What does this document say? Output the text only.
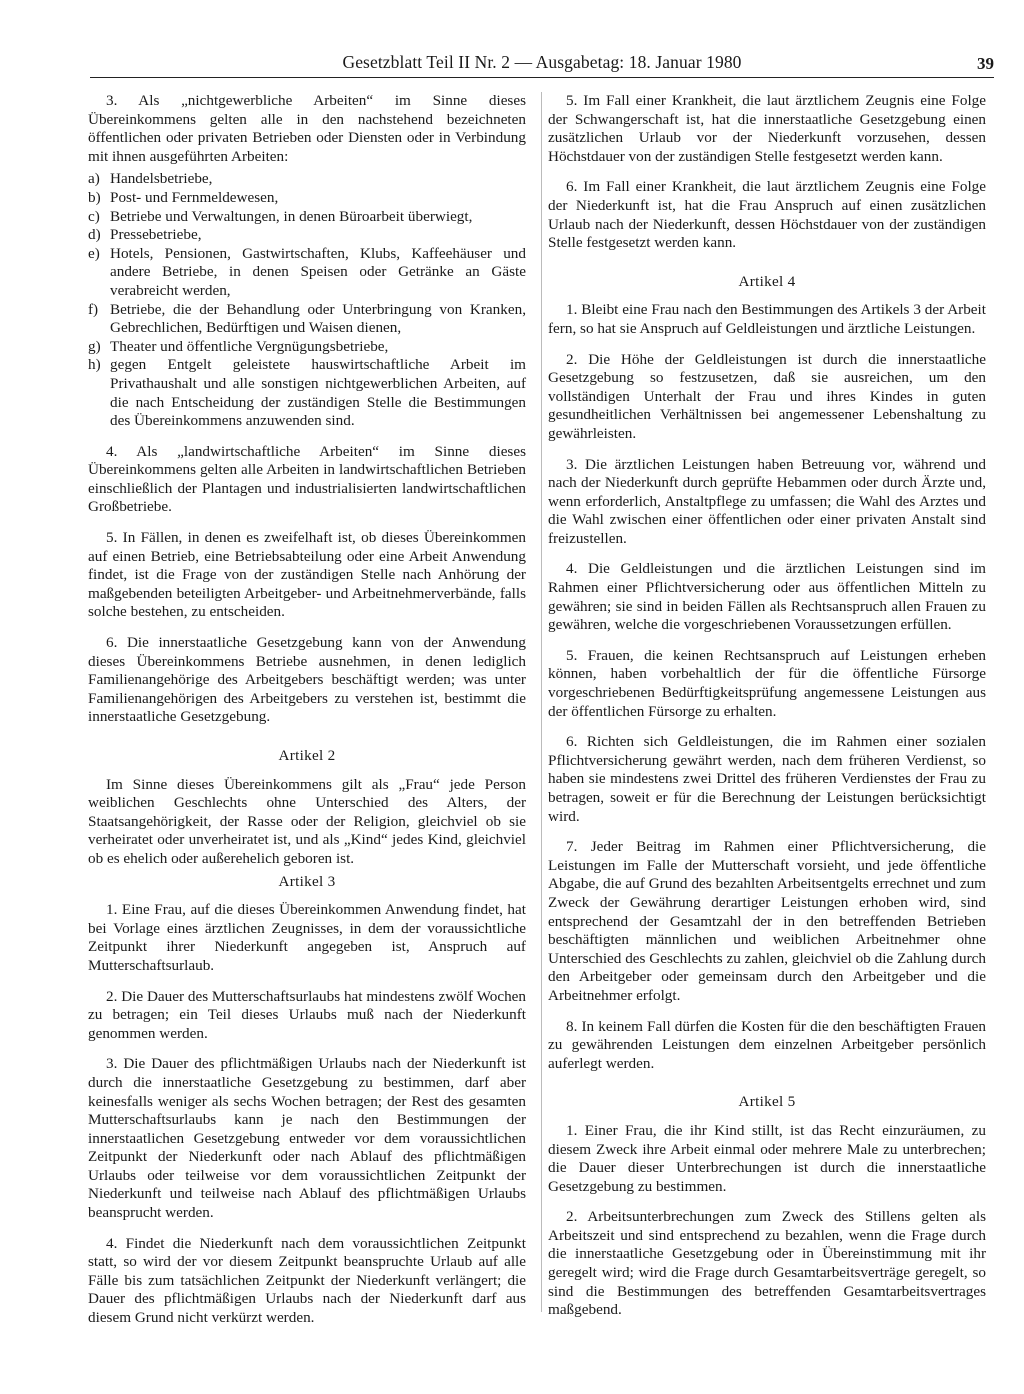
Gesetzblatt Teil II Nr. 2 — Ausgabetag: 18. Januar 1980	39

3. Als „nichtgewerbliche Arbeiten“ im Sinne dieses Übereinkommens gelten alle in den nachstehend bezeichneten öffentlichen oder privaten Betrieben oder Diensten oder in Verbindung mit ihnen ausgeführten Arbeiten:

a) Handelsbetriebe,
b) Post- und Fernmeldewesen,
c) Betriebe und Verwaltungen, in denen Büroarbeit überwiegt,
d) Pressebetriebe,
e) Hotels, Pensionen, Gastwirtschaften, Klubs, Kaffeehäuser und andere Betriebe, in denen Speisen oder Getränke an Gäste verabreicht werden,
f) Betriebe, die der Behandlung oder Unterbringung von Kranken, Gebrechlichen, Bedürftigen und Waisen dienen,
g) Theater und öffentliche Vergnügungsbetriebe,
h) gegen Entgelt geleistete hauswirtschaftliche Arbeit im Privathaushalt und alle sonstigen nichtgewerblichen Arbeiten, auf die nach Entscheidung der zuständigen Stelle die Bestimmungen des Übereinkommens anzuwenden sind.

4. Als „landwirtschaftliche Arbeiten“ im Sinne dieses Übereinkommens gelten alle Arbeiten in landwirtschaftlichen Betrieben einschließlich der Plantagen und industrialisierten landwirtschaftlichen Großbetriebe.

5. In Fällen, in denen es zweifelhaft ist, ob dieses Übereinkommen auf einen Betrieb, eine Betriebsabteilung oder eine Arbeit Anwendung findet, ist die Frage von der zuständigen Stelle nach Anhörung der maßgebenden beteiligten Arbeitgeber- und Arbeitnehmerverbände, falls solche bestehen, zu entscheiden.

6. Die innerstaatliche Gesetzgebung kann von der Anwendung dieses Übereinkommens Betriebe ausnehmen, in denen lediglich Familienangehörige des Arbeitgebers beschäftigt werden; was unter Familienangehörigen des Arbeitgebers zu verstehen ist, bestimmt die innerstaatliche Gesetzgebung.

Artikel 2

Im Sinne dieses Übereinkommens gilt als „Frau“ jede Person weiblichen Geschlechts ohne Unterschied des Alters, der Staatsangehörigkeit, der Rasse oder der Religion, gleichviel ob sie verheiratet oder unverheiratet ist, und als „Kind“ jedes Kind, gleichviel ob es ehelich oder außerehelich geboren ist.

Artikel 3

1. Eine Frau, auf die dieses Übereinkommen Anwendung findet, hat bei Vorlage eines ärztlichen Zeugnisses, in dem der voraussichtliche Zeitpunkt ihrer Niederkunft angegeben ist, Anspruch auf Mutterschaftsurlaub.

2. Die Dauer des Mutterschaftsurlaubs hat mindestens zwölf Wochen zu betragen; ein Teil dieses Urlaubs muß nach der Niederkunft genommen werden.

3. Die Dauer des pflichtmäßigen Urlaubs nach der Niederkunft ist durch die innerstaatliche Gesetzgebung zu bestimmen, darf aber keinesfalls weniger als sechs Wochen betragen; der Rest des gesamten Mutterschaftsurlaubs kann je nach den Bestimmungen der innerstaatlichen Gesetzgebung entweder vor dem voraussichtlichen Zeitpunkt der Niederkunft oder nach Ablauf des pflichtmäßigen Urlaubs oder teilweise vor dem voraussichtlichen Zeitpunkt der Niederkunft und teilweise nach Ablauf des pflichtmäßigen Urlaubs beansprucht werden.

4. Findet die Niederkunft nach dem voraussichtlichen Zeitpunkt statt, so wird der vor diesem Zeitpunkt beanspruchte Urlaub auf alle Fälle bis zum tatsächlichen Zeitpunkt der Niederkunft verlängert; die Dauer des pflichtmäßigen Urlaubs nach der Niederkunft darf aus diesem Grund nicht verkürzt werden.

5. Im Fall einer Krankheit, die laut ärztlichem Zeugnis eine Folge der Schwangerschaft ist, hat die innerstaatliche Gesetzgebung einen zusätzlichen Urlaub vor der Niederkunft vorzusehen, dessen Höchstdauer von der zuständigen Stelle festgesetzt werden kann.

6. Im Fall einer Krankheit, die laut ärztlichem Zeugnis eine Folge der Niederkunft ist, hat die Frau Anspruch auf einen zusätzlichen Urlaub nach der Niederkunft, dessen Höchstdauer von der zuständigen Stelle festgesetzt werden kann.

Artikel 4

1. Bleibt eine Frau nach den Bestimmungen des Artikels 3 der Arbeit fern, so hat sie Anspruch auf Geldleistungen und ärztliche Leistungen.

2. Die Höhe der Geldleistungen ist durch die innerstaatliche Gesetzgebung so festzusetzen, daß sie ausreichen, um den vollständigen Unterhalt der Frau und ihres Kindes in guten gesundheitlichen Verhältnissen bei angemessener Lebenshaltung zu gewährleisten.

3. Die ärztlichen Leistungen haben Betreuung vor, während und nach der Niederkunft durch geprüfte Hebammen oder durch Ärzte und, wenn erforderlich, Anstaltpflege zu umfassen; die Wahl des Arztes und die Wahl zwischen einer öffentlichen oder einer privaten Anstalt sind freizustellen.

4. Die Geldleistungen und die ärztlichen Leistungen sind im Rahmen einer Pflichtversicherung oder aus öffentlichen Mitteln zu gewähren; sie sind in beiden Fällen als Rechtsanspruch allen Frauen zu gewähren, welche die vorgeschriebenen Voraussetzungen erfüllen.

5. Frauen, die keinen Rechtsanspruch auf Leistungen erheben können, haben vorbehaltlich der für die öffentliche Fürsorge vorgeschriebenen Bedürftigkeitsprüfung angemessene Leistungen aus der öffentlichen Fürsorge zu erhalten.

6. Richten sich Geldleistungen, die im Rahmen einer sozialen Pflichtversicherung gewährt werden, nach dem früheren Verdienst, so haben sie mindestens zwei Drittel des früheren Verdienstes der Frau zu betragen, soweit er für die Berechnung der Leistungen berücksichtigt wird.

7. Jeder Beitrag im Rahmen einer Pflichtversicherung, die Leistungen im Falle der Mutterschaft vorsieht, und jede öffentliche Abgabe, die auf Grund des bezahlten Arbeitsentgelts errechnet und zum Zweck der Gewährung derartiger Leistungen erhoben wird, sind entsprechend der Gesamtzahl der in den betreffenden Betrieben beschäftigten männlichen und weiblichen Arbeitnehmer ohne Unterschied des Geschlechts zu zahlen, gleichviel ob die Zahlung durch den Arbeitgeber oder gemeinsam durch den Arbeitgeber und die Arbeitnehmer erfolgt.

8. In keinem Fall dürfen die Kosten für die den beschäftigten Frauen zu gewährenden Leistungen dem einzelnen Arbeitgeber persönlich auferlegt werden.

Artikel 5

1. Einer Frau, die ihr Kind stillt, ist das Recht einzuräumen, zu diesem Zweck ihre Arbeit einmal oder mehrere Male zu unterbrechen; die Dauer dieser Unterbrechungen ist durch die innerstaatliche Gesetzgebung zu bestimmen.

2. Arbeitsunterbrechungen zum Zweck des Stillens gelten als Arbeitszeit und sind entsprechend zu bezahlen, wenn die Frage durch die innerstaatliche Gesetzgebung oder in Übereinstimmung mit ihr geregelt wird; wird die Frage durch Gesamtarbeitsverträge geregelt, so sind die Bestimmungen des betreffenden Gesamtarbeitsvertrages maßgebend.
